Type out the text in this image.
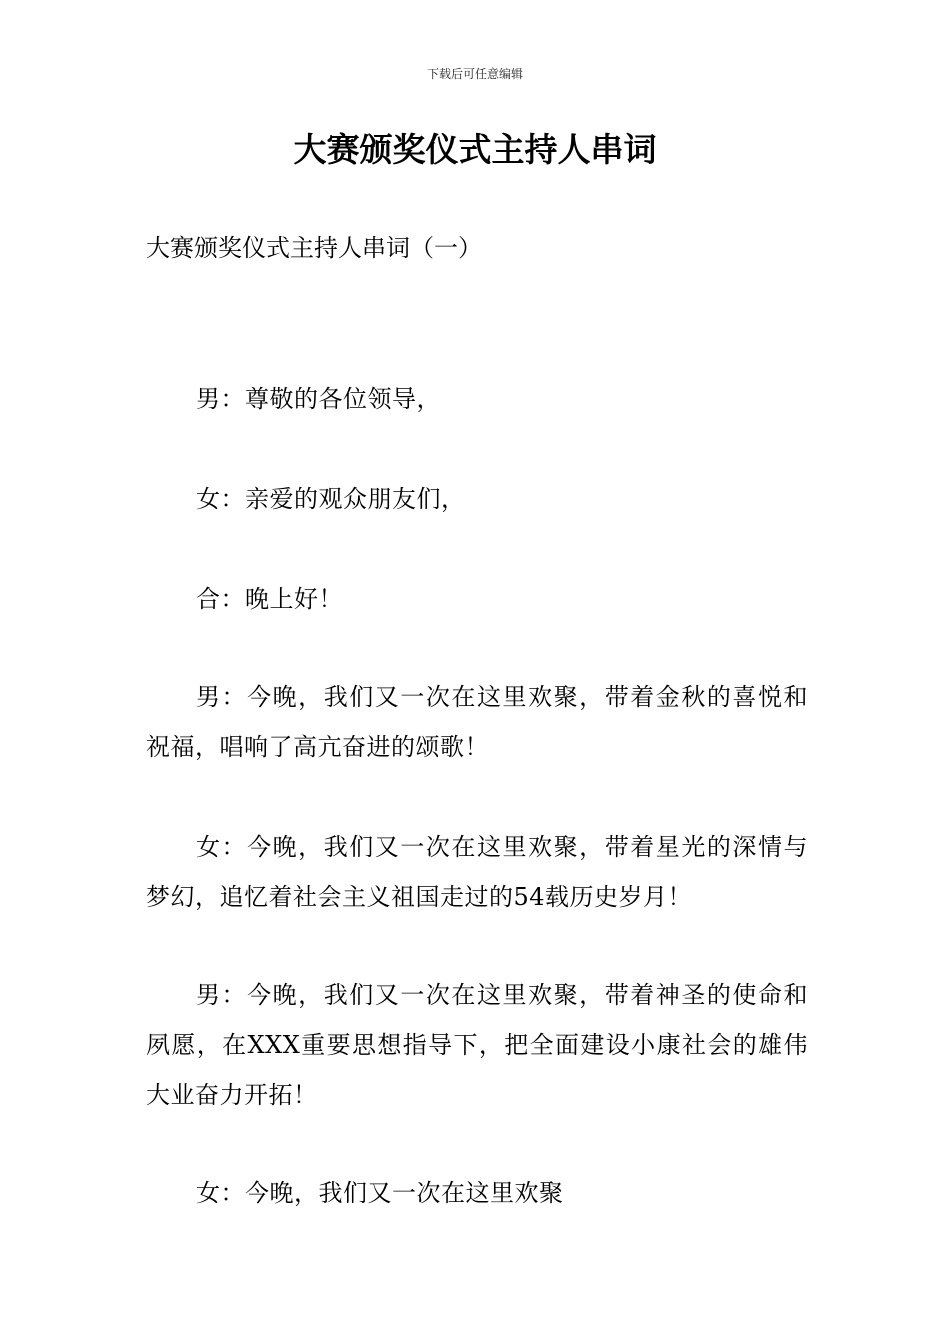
下载后可任意编辑
大赛颁奖仪式主持人串词

大赛颁奖仪式主持人串词（一）

男：尊敬的各位领导，

女：亲爱的观众朋友们，

合：晚上好！

男：今晚，我们又一次在这里欢聚，带着金秋的喜悦和祝福，唱响了高亢奋进的颂歌！

女：今晚，我们又一次在这里欢聚，带着星光的深情与梦幻，追忆着社会主义祖国走过的54载历史岁月！

男：今晚，我们又一次在这里欢聚，带着神圣的使命和夙愿，在XXX重要思想指导下，把全面建设小康社会的雄伟大业奋力开拓！

女：今晚，我们又一次在这里欢聚
